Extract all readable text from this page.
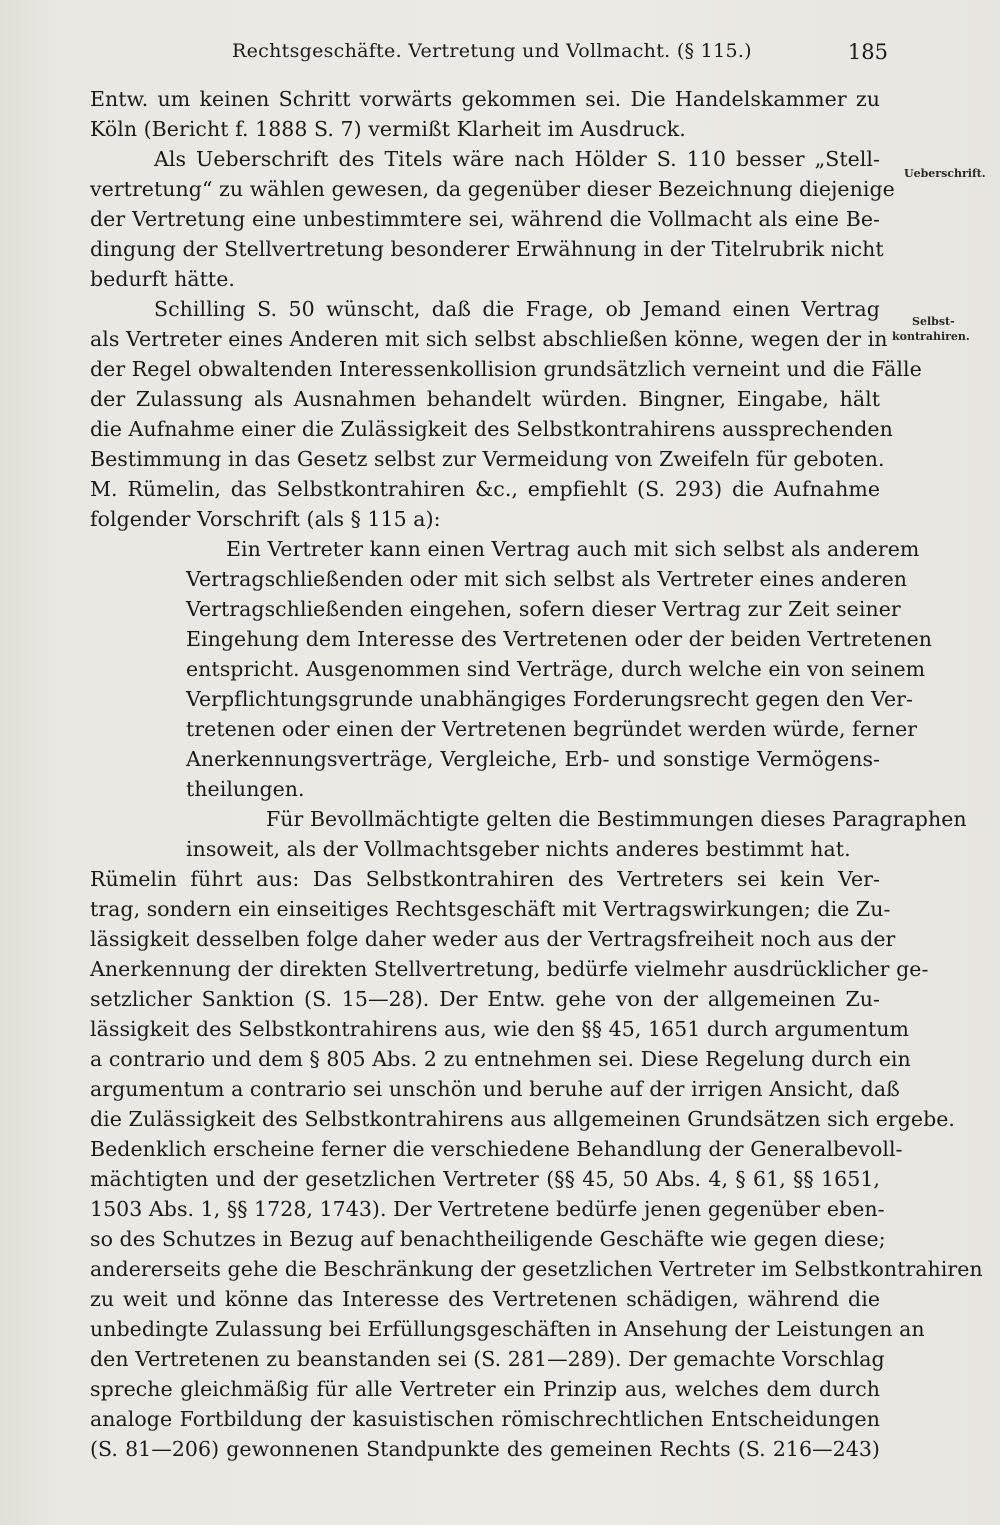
Rechtsgeschäfte. Vertretung und Vollmacht. (§ 115.)	185
Ueberschrift.
Selbst-
kontrahiren.
Entw. um keinen Schritt vorwärts gekommen sei. Die Handelskammer zu
Köln (Bericht f. 1888 S. 7) vermißt Klarheit im Ausdruck.
Als Ueberschrift des Titels wäre nach Hölder S. 110 besser „Stell-
vertretung“ zu wählen gewesen, da gegenüber dieser Bezeichnung diejenige
der Vertretung eine unbestimmtere sei, während die Vollmacht als eine Be-
dingung der Stellvertretung besonderer Erwähnung in der Titelrubrik nicht
bedurft hätte.
Schilling S. 50 wünscht, daß die Frage, ob Jemand einen Vertrag
als Vertreter eines Anderen mit sich selbst abschließen könne, wegen der in
der Regel obwaltenden Interessenkollision grundsätzlich verneint und die Fälle
der Zulassung als Ausnahmen behandelt würden. Bingner, Eingabe, hält
die Aufnahme einer die Zulässigkeit des Selbstkontrahirens aussprechenden
Bestimmung in das Gesetz selbst zur Vermeidung von Zweifeln für geboten.
M. Rümelin, das Selbstkontrahiren &c., empfiehlt (S. 293) die Aufnahme
folgender Vorschrift (als § 115 a):
Ein Vertreter kann einen Vertrag auch mit sich selbst als anderem
Vertragschließenden oder mit sich selbst als Vertreter eines anderen
Vertragschließenden eingehen, sofern dieser Vertrag zur Zeit seiner
Eingehung dem Interesse des Vertretenen oder der beiden Vertretenen
entspricht. Ausgenommen sind Verträge, durch welche ein von seinem
Verpflichtungsgrunde unabhängiges Forderungsrecht gegen den Ver-
tretenen oder einen der Vertretenen begründet werden würde, ferner
Anerkennungsverträge, Vergleiche, Erb- und sonstige Vermögens-
theilungen.
Für Bevollmächtigte gelten die Bestimmungen dieses Paragraphen
insoweit, als der Vollmachtsgeber nichts anderes bestimmt hat.
Rümelin führt aus: Das Selbstkontrahiren des Vertreters sei kein Ver-
trag, sondern ein einseitiges Rechtsgeschäft mit Vertragswirkungen; die Zu-
lässigkeit desselben folge daher weder aus der Vertragsfreiheit noch aus der
Anerkennung der direkten Stellvertretung, bedürfe vielmehr ausdrücklicher ge-
setzlicher Sanktion (S. 15—28). Der Entw. gehe von der allgemeinen Zu-
lässigkeit des Selbstkontrahirens aus, wie den §§ 45, 1651 durch argumentum
a contrario und dem § 805 Abs. 2 zu entnehmen sei. Diese Regelung durch ein
argumentum a contrario sei unschön und beruhe auf der irrigen Ansicht, daß
die Zulässigkeit des Selbstkontrahirens aus allgemeinen Grundsätzen sich ergebe.
Bedenklich erscheine ferner die verschiedene Behandlung der Generalbevoll-
mächtigten und der gesetzlichen Vertreter (§§ 45, 50 Abs. 4, § 61, §§ 1651,
1503 Abs. 1, §§ 1728, 1743). Der Vertretene bedürfe jenen gegenüber eben-
so des Schutzes in Bezug auf benachtheiligende Geschäfte wie gegen diese;
andererseits gehe die Beschränkung der gesetzlichen Vertreter im Selbstkontrahiren
zu weit und könne das Interesse des Vertretenen schädigen, während die
unbedingte Zulassung bei Erfüllungsgeschäften in Ansehung der Leistungen an
den Vertretenen zu beanstanden sei (S. 281—289). Der gemachte Vorschlag
spreche gleichmäßig für alle Vertreter ein Prinzip aus, welches dem durch
analoge Fortbildung der kasuistischen römischrechtlichen Entscheidungen
(S. 81—206) gewonnenen Standpunkte des gemeinen Rechts (S. 216—243)
